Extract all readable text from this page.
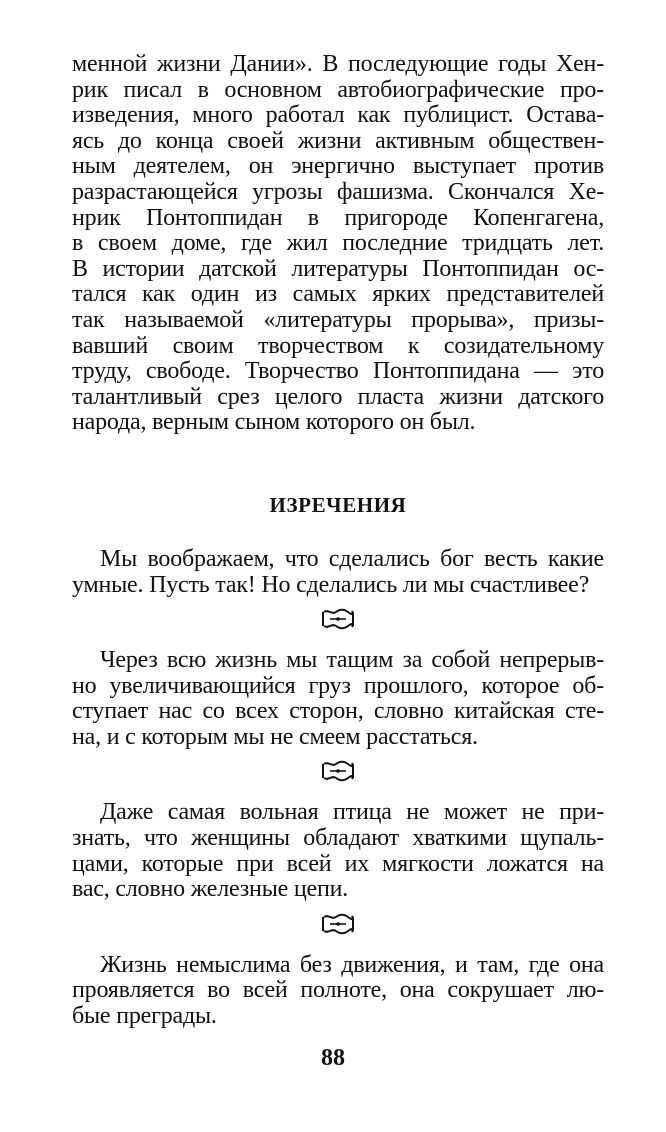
менной жизни Дании». В последующие годы Хен-
рик писал в основном автобиографические про-
изведения, много работал как публицист. Остава-
ясь до конца своей жизни активным обществен-
ным деятелем, он энергично выступает против
разрастающейся угрозы фашизма. Скончался Хе-
нрик Понтоппидан в пригороде Копенгагена,
в своем доме, где жил последние тридцать лет.
В истории датской литературы Понтоппидан ос-
тался как один из самых ярких представителей
так называемой «литературы прорыва», призы-
вавший своим творчеством к созидательному
труду, свободе. Творчество Понтоппидана — это
талантливый срез целого пласта жизни датского
народа, верным сыном которого он был.
ИЗРЕЧЕНИЯ
Мы воображаем, что сделались бог весть какие
умные. Пусть так! Но сделались ли мы счастливее?
Через всю жизнь мы тащим за собой непрерыв-
но увеличивающийся груз прошлого, которое об-
ступает нас со всех сторон, словно китайская сте-
на, и с которым мы не смеем расстаться.
Даже самая вольная птица не может не при-
знать, что женщины обладают хваткими щупаль-
цами, которые при всей их мягкости ложатся на
вас, словно железные цепи.
Жизнь немыслима без движения, и там, где она
проявляется во всей полноте, она сокрушает лю-
бые преграды.
88
